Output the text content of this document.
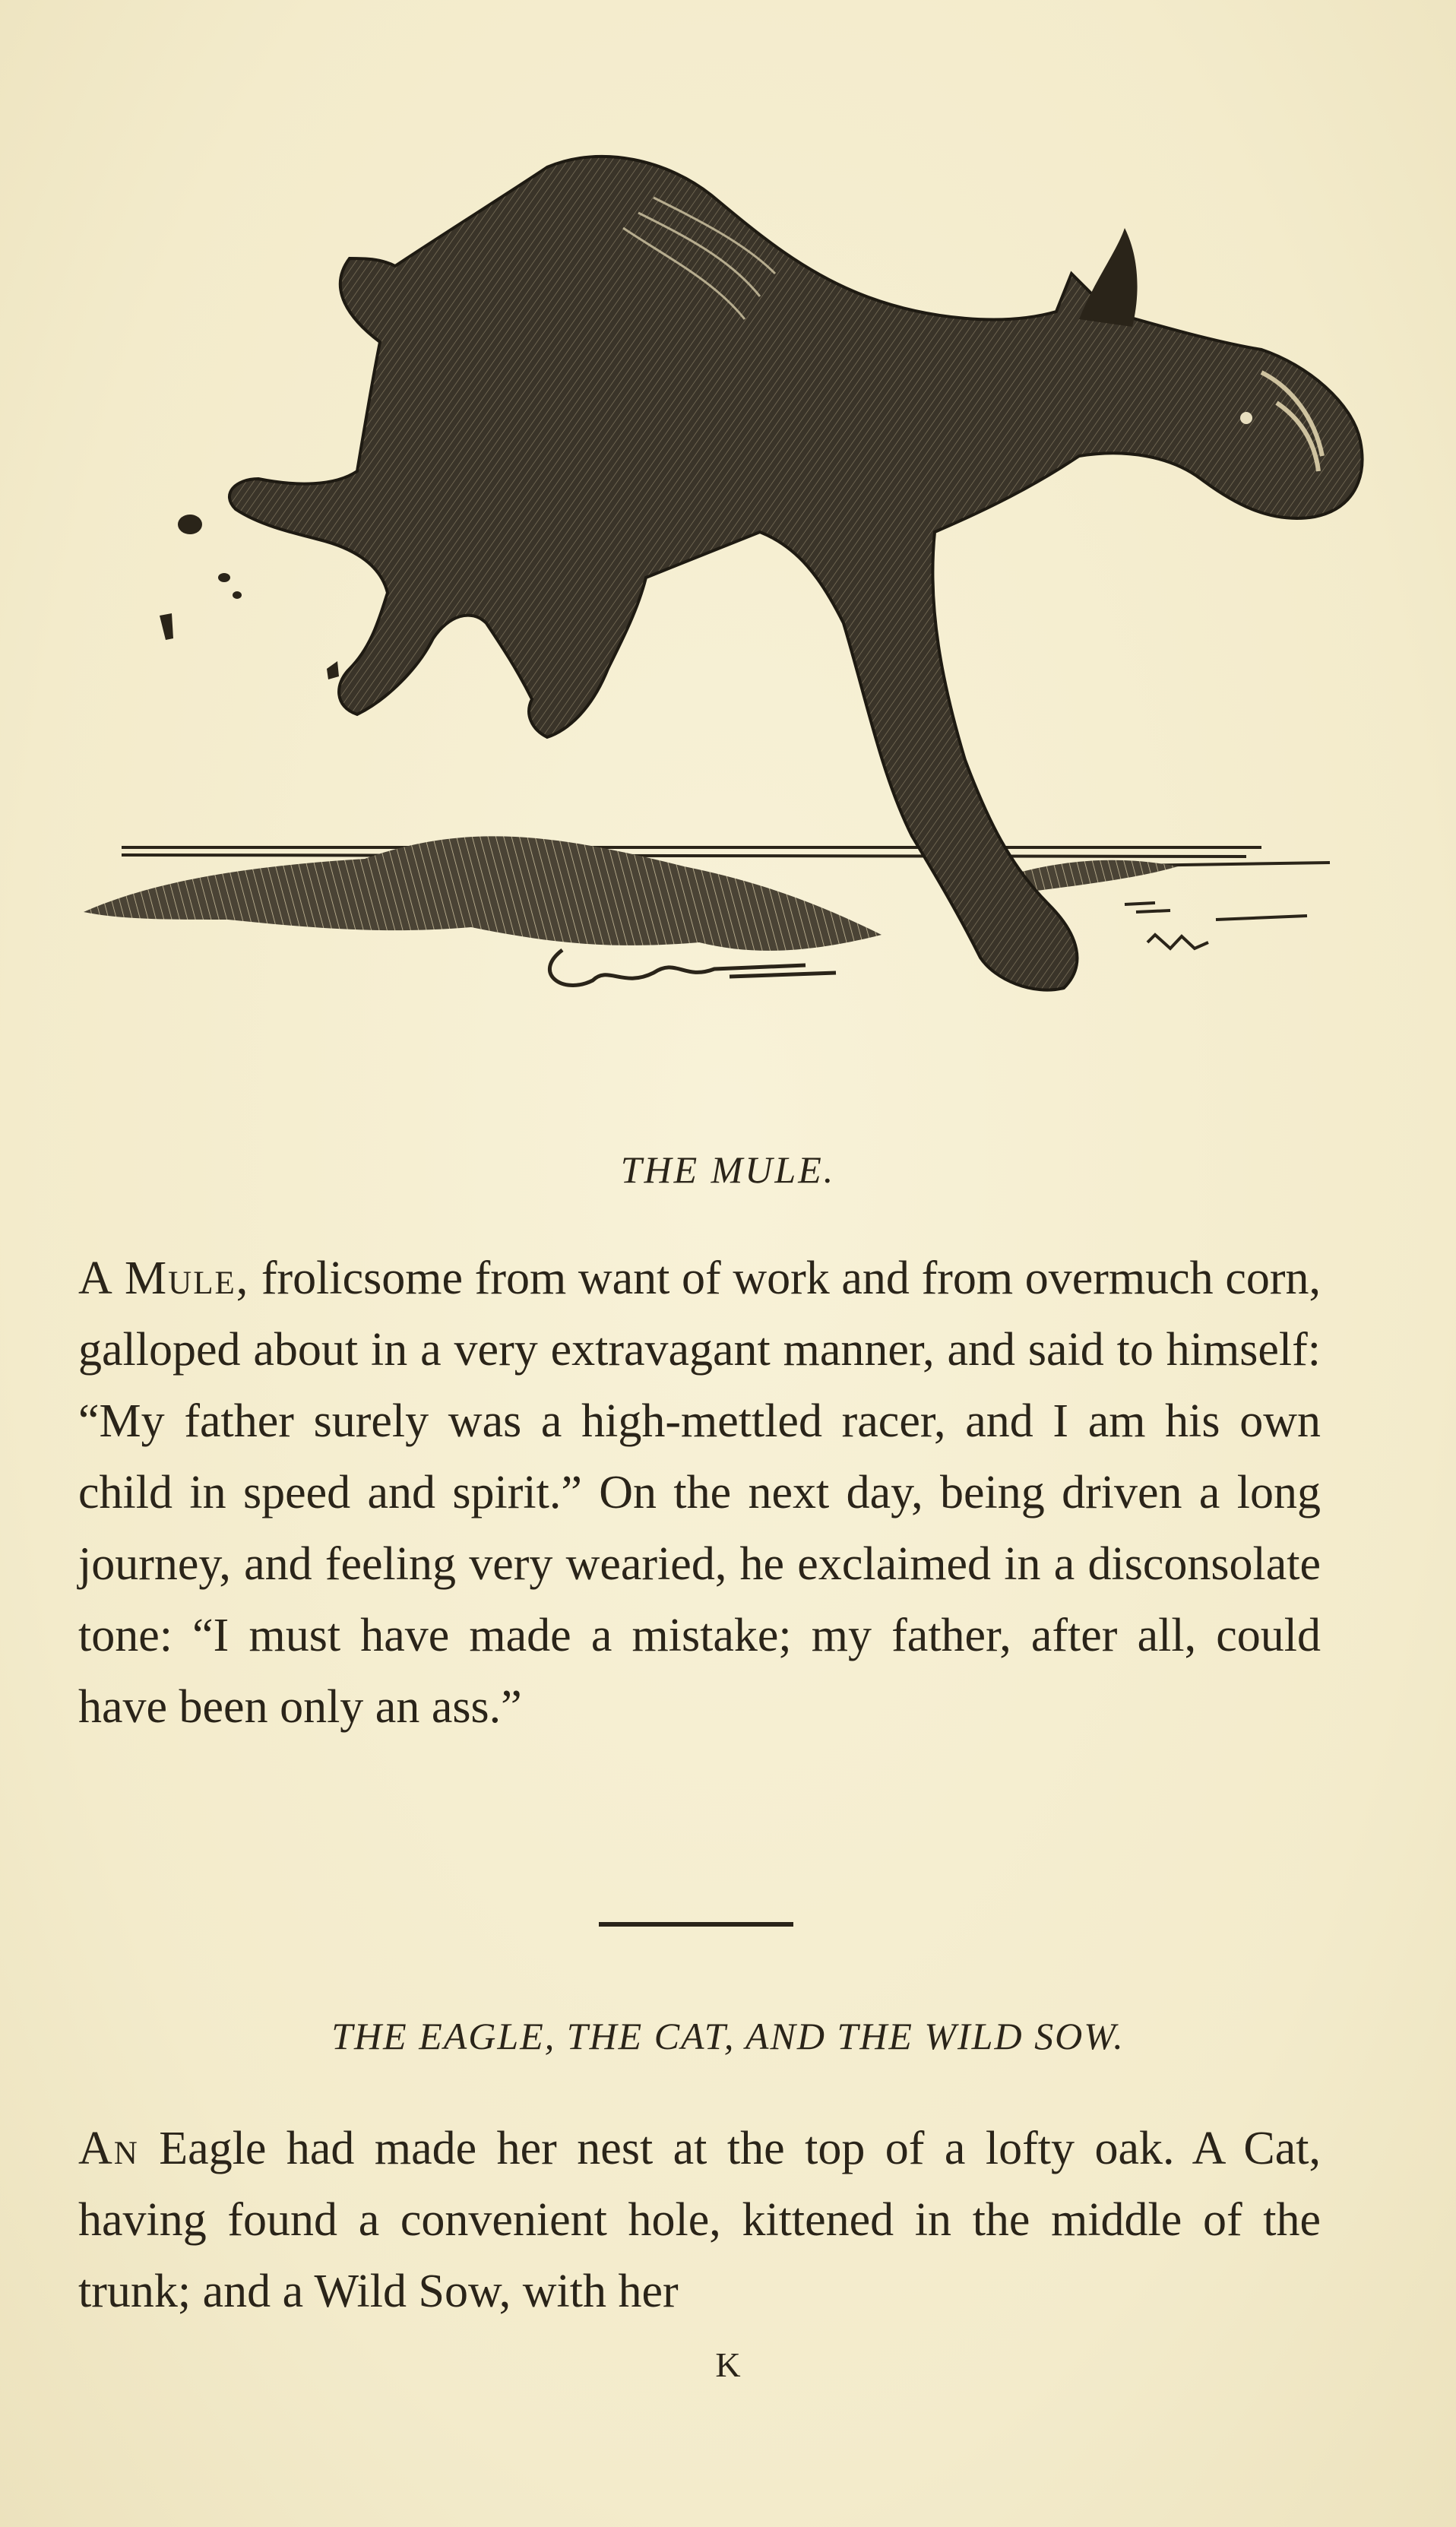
THE MULE.
A Mule, frolicsome from want of work and from overmuch corn, galloped about in a very extravagant manner, and said to himself: “My father surely was a high-mettled racer, and I am his own child in speed and spirit.” On the next day, being driven a long journey, and feeling very wearied, he exclaimed in a disconsolate tone: “I must have made a mistake; my father, after all, could have been only an ass.”
THE EAGLE, THE CAT, AND THE WILD SOW.
An Eagle had made her nest at the top of a lofty oak. A Cat, having found a convenient hole, kittened in the middle of the trunk; and a Wild Sow, with her
K
